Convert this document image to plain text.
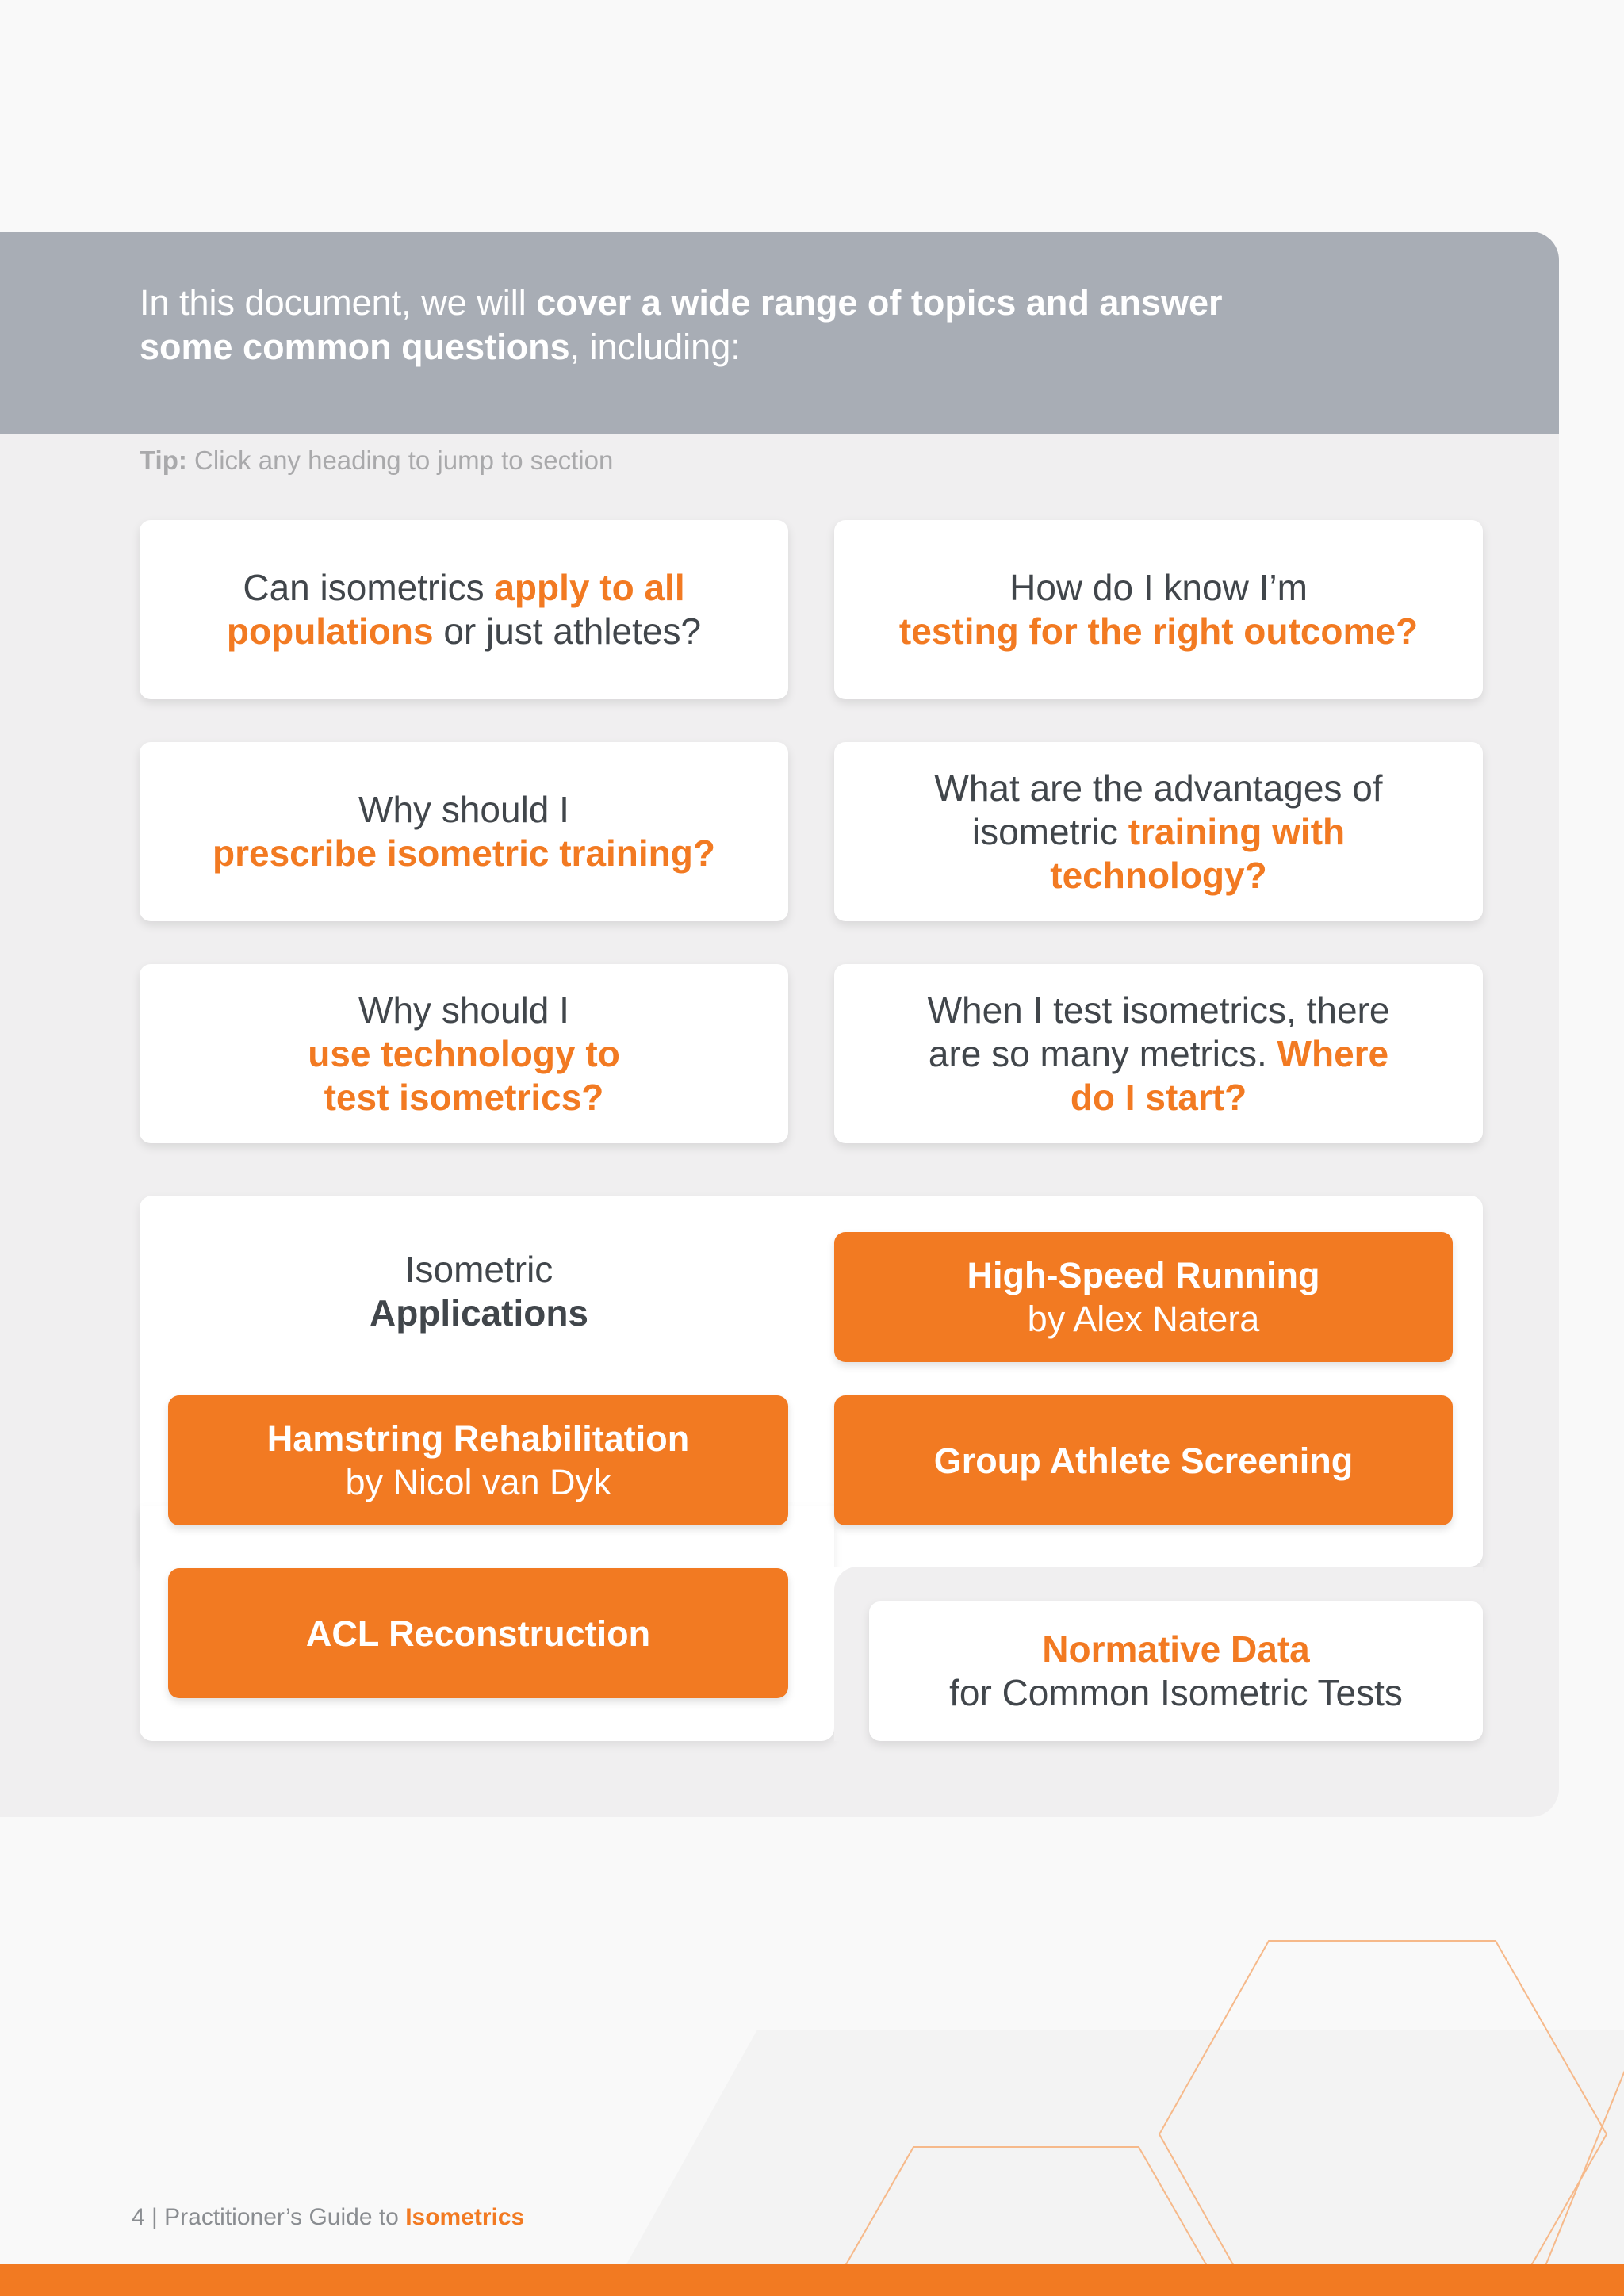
In this document, we will cover a wide range of topics and answer some common questions, including:
Tip: Click any heading to jump to section
Can isometrics apply to all populations or just athletes?
How do I know I’m
testing for the right outcome?
Why should I
prescribe isometric training?
What are the advantages of isometric training with technology?
Why should I
use technology to test isometrics?
When I test isometrics, there are so many metrics. Where do I start?
Isometric
Applications
High-Speed Running
by Alex Natera
Hamstring Rehabilitation
by Nicol van Dyk
Group Athlete Screening
ACL Reconstruction	Normative Data
for Common Isometric Tests
4 | Practitioner’s Guide to Isometrics
